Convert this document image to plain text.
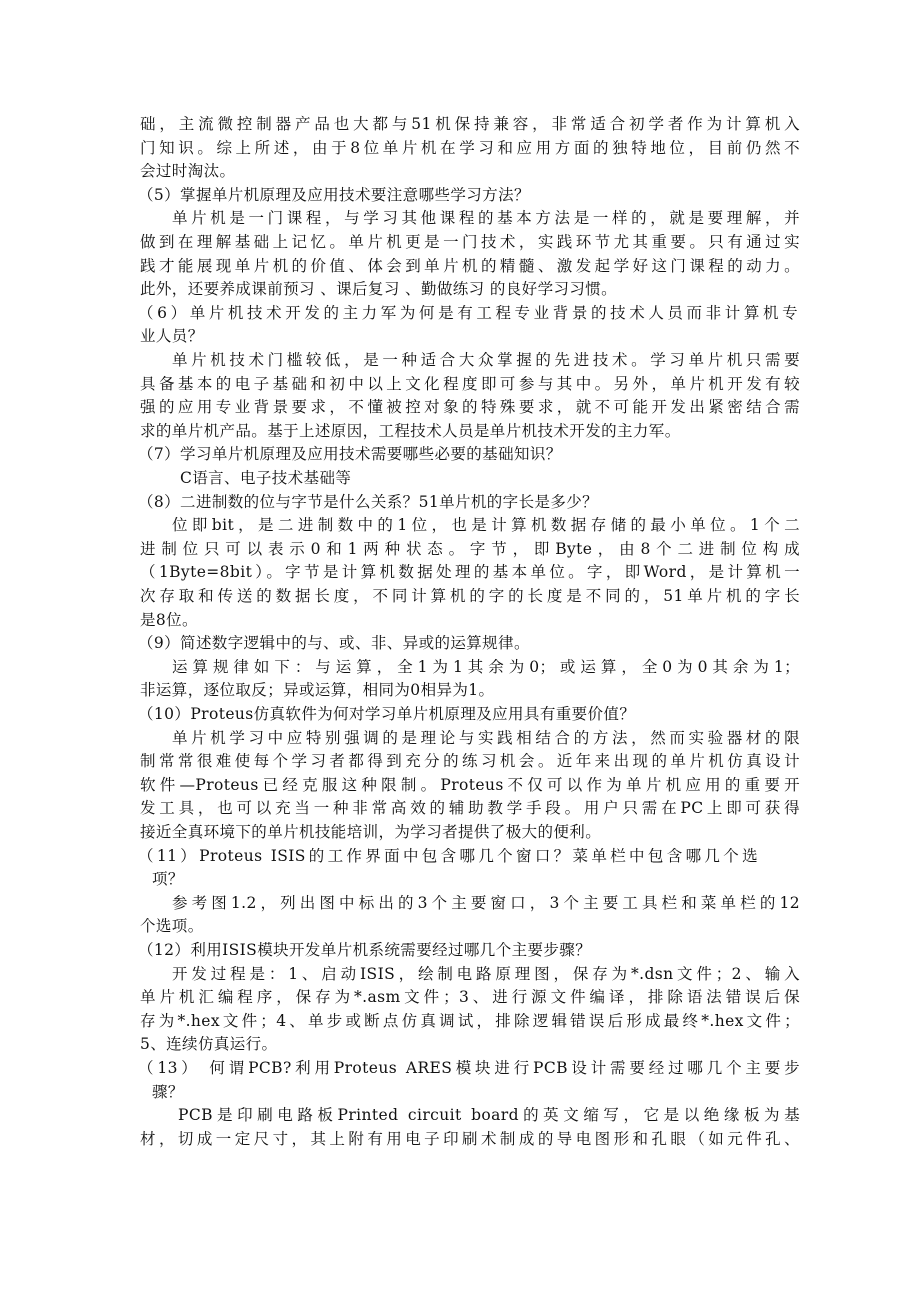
础，主流微控制器产品也大都与51机保持兼容，非常适合初学者作为计算机入
门知识。综上所述，由于8位单片机在学习和应用方面的独特地位，目前仍然不
会过时淘汰。
（5）掌握单片机原理及应用技术要注意哪些学习方法？
单片机是一门课程，与学习其他课程的基本方法是一样的，就是要理解，并
做到在理解基础上记忆。单片机更是一门技术，实践环节尤其重要。只有通过实
践才能展现单片机的价值、体会到单片机的精髓、激发起学好这门课程的动力。
此外，还要养成课前预习 、课后复习 、勤做练习 的良好学习习惯。
（6）单片机技术开发的主力军为何是有工程专业背景的技术人员而非计算机专
业人员？
单片机技术门槛较低，是一种适合大众掌握的先进技术。学习单片机只需要
具备基本的电子基础和初中以上文化程度即可参与其中。另外，单片机开发有较
强的应用专业背景要求，不懂被控对象的特殊要求，就不可能开发出紧密结合需
求的单片机产品。基于上述原因，工程技术人员是单片机技术开发的主力军。
（7）学习单片机原理及应用技术需要哪些必要的基础知识？
C语言、电子技术基础等
（8）二进制数的位与字节是什么关系？51单片机的字长是多少？
位即bit，是二进制数中的1位，也是计算机数据存储的最小单位。1个二
进制位只可以表示0和1两种状态。字节，即Byte，由8个二进制位构成
（1Byte=8bit）。字节是计算机数据处理的基本单位。字，即Word，是计算机一
次存取和传送的数据长度，不同计算机的字的长度是不同的，51单片机的字长
是8位。
（9）简述数字逻辑中的与、或、非、异或的运算规律。
运算规律如下：与运算，全1为1其余为0；或运算，全0为0其余为1；
非运算，逐位取反；异或运算，相同为0相异为1。
（10）Proteus仿真软件为何对学习单片机原理及应用具有重要价值？
单片机学习中应特别强调的是理论与实践相结合的方法，然而实验器材的限
制常常很难使每个学习者都得到充分的练习机会。近年来出现的单片机仿真设计
软件—Proteus已经克服这种限制。Proteus不仅可以作为单片机应用的重要开
发工具，也可以充当一种非常高效的辅助教学手段。用户只需在PC上即可获得
接近全真环境下的单片机技能培训，为学习者提供了极大的便利。
（11）Proteus ISIS的工作界面中包含哪几个窗口？菜单栏中包含哪几个选
项？
参考图1.2，列出图中标出的3个主要窗口，3个主要工具栏和菜单栏的12
个选项。
（12）利用ISIS模块开发单片机系统需要经过哪几个主要步骤？
开发过程是：1、启动ISIS，绘制电路原理图，保存为*.dsn文件；2、输入
单片机汇编程序，保存为*.asm文件；3、进行源文件编译，排除语法错误后保
存为*.hex文件；4、单步或断点仿真调试，排除逻辑错误后形成最终*.hex文件；
5、连续仿真运行。
（13） 何谓PCB?利用Proteus ARES模块进行PCB设计需要经过哪几个主要步
骤？
PCB是印刷电路板Printed circuit board的英文缩写，它是以绝缘板为基
材，切成一定尺寸，其上附有用电子印刷术制成的导电图形和孔眼（如元件孔、
